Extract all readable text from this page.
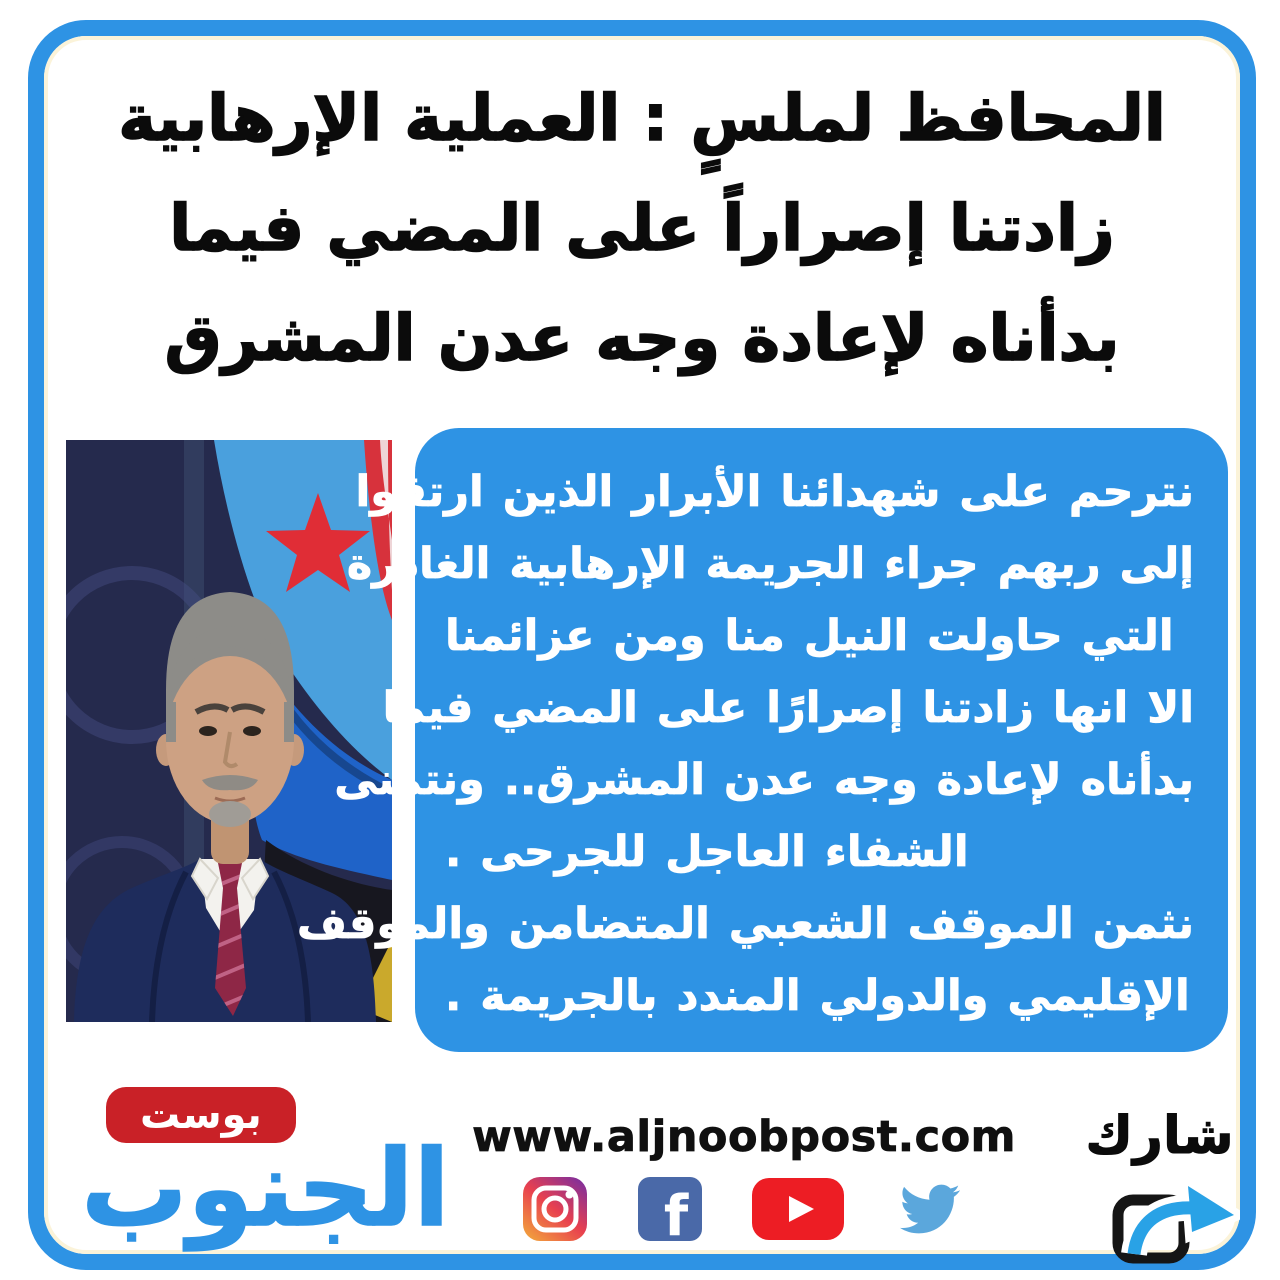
المحافظ لملسٍ : العملية الإرهابية
زادتنا إصراراً على المضي فيما
بدأناه لإعادة وجه عدن المشرق
نترحم على شهدائنا الأبرار الذين ارتقوا
إلى ربهم جراء الجريمة الإرهابية الغادرة
التي حاولت النيل منا ومن عزائمنا
الا انها زادتنا إصرارًا على المضي فيما
بدأناه لإعادة وجه عدن المشرق.. ونتمنى
الشفاء العاجل للجرحى .
نثمن الموقف الشعبي المتضامن والموقف
الإقليمي والدولي المندد بالجريمة .
بوست
الجنوب www.aljnoobpost.com
f
شارك
